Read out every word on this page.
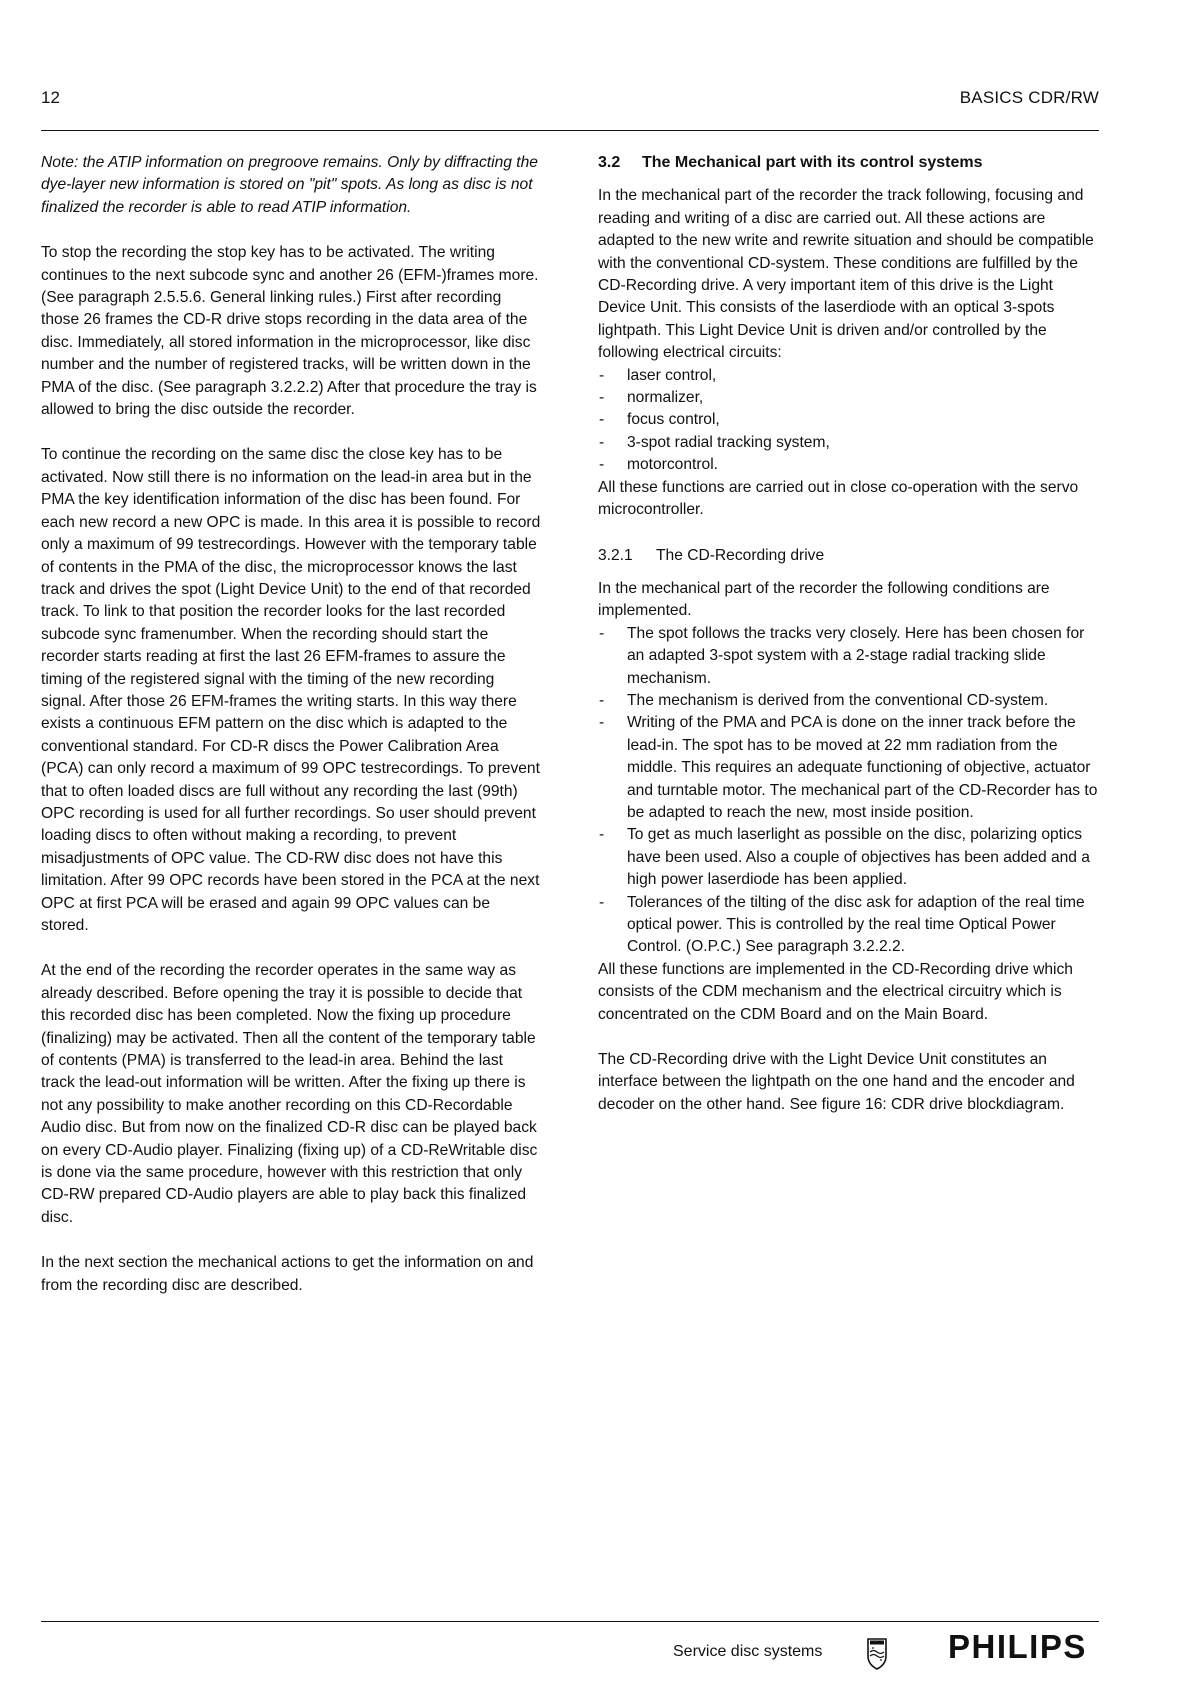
12	BASICS CDR/RW

Note: the ATIP information on pregroove remains. Only by diffracting the dye-layer new information is stored on "pit" spots. As long as disc is not finalized the recorder is able to read ATIP information.

To stop the recording the stop key has to be activated. The writing continues to the next subcode sync and another 26 (EFM-)frames more. (See paragraph 2.5.5.6. General linking rules.) First after recording those 26 frames the CD-R drive stops recording in the data area of the disc. Immediately, all stored information in the microprocessor, like disc number and the number of registered tracks, will be written down in the PMA of the disc. (See paragraph 3.2.2.2) After that procedure the tray is allowed to bring the disc outside the recorder.

To continue the recording on the same disc the close key has to be activated. Now still there is no information on the lead-in area but in the PMA the key identification information of the disc has been found. For each new record a new OPC is made. In this area it is possible to record only a maximum of 99 testrecordings. However with the temporary table of contents in the PMA of the disc, the microprocessor knows the last track and drives the spot (Light Device Unit) to the end of that recorded track. To link to that position the recorder looks for the last recorded subcode sync framenumber. When the recording should start the recorder starts reading at first the last 26 EFM-frames to assure the timing of the registered signal with the timing of the new recording signal. After those 26 EFM-frames the writing starts. In this way there exists a continuous EFM pattern on the disc which is adapted to the conventional standard. For CD-R discs the Power Calibration Area (PCA) can only record a maximum of 99 OPC testrecordings. To prevent that to often loaded discs are full without any recording the last (99th) OPC recording is used for all further recordings. So user should prevent loading discs to often without making a recording, to prevent misadjustments of OPC value. The CD-RW disc does not have this limitation. After 99 OPC records have been stored in the PCA at the next OPC at first PCA will be erased and again 99 OPC values can be stored.

At the end of the recording the recorder operates in the same way as already described. Before opening the tray it is possible to decide that this recorded disc has been completed. Now the fixing up procedure (finalizing) may be activated. Then all the content of the temporary table of contents (PMA) is transferred to the lead-in area. Behind the last track the lead-out information will be written. After the fixing up there is not any possibility to make another recording on this CD-Recordable Audio disc. But from now on the finalized CD-R disc can be played back on every CD-Audio player. Finalizing (fixing up) of a CD-ReWritable disc is done via the same procedure, however with this restriction that only CD-RW prepared CD-Audio players are able to play back this finalized disc.

In the next section the mechanical actions to get the information on and from the recording disc are described.

3.2 The Mechanical part with its control systems

In the mechanical part of the recorder the track following, focusing and reading and writing of a disc are carried out. All these actions are adapted to the new write and rewrite situation and should be compatible with the conventional CD-system. These conditions are fulfilled by the CD-Recording drive. A very important item of this drive is the Light Device Unit. This consists of the laserdiode with an optical 3-spots lightpath. This Light Device Unit is driven and/or controlled by the following electrical circuits:

- laser control,
- normalizer,
- focus control,
- 3-spot radial tracking system,
- motorcontrol.

All these functions are carried out in close co-operation with the servo microcontroller.

3.2.1 The CD-Recording drive

In the mechanical part of the recorder the following conditions are implemented.

- The spot follows the tracks very closely. Here has been chosen for an adapted 3-spot system with a 2-stage radial tracking slide mechanism.
- The mechanism is derived from the conventional CD-system.
- Writing of the PMA and PCA is done on the inner track before the lead-in. The spot has to be moved at 22 mm radiation from the middle. This requires an adequate functioning of objective, actuator and turntable motor. The mechanical part of the CD-Recorder has to be adapted to reach the new, most inside position.
- To get as much laserlight as possible on the disc, polarizing optics have been used. Also a couple of objectives has been added and a high power laserdiode has been applied.
- Tolerances of the tilting of the disc ask for adaption of the real time optical power. This is controlled by the real time Optical Power Control. (O.P.C.) See paragraph 3.2.2.2.

All these functions are implemented in the CD-Recording drive which consists of the CDM mechanism and the electrical circuitry which is concentrated on the CDM Board and on the Main Board.

The CD-Recording drive with the Light Device Unit constitutes an interface between the lightpath on the one hand and the encoder and decoder on the other hand. See figure 16: CDR drive blockdiagram.

Service disc systems	PHILIPS
